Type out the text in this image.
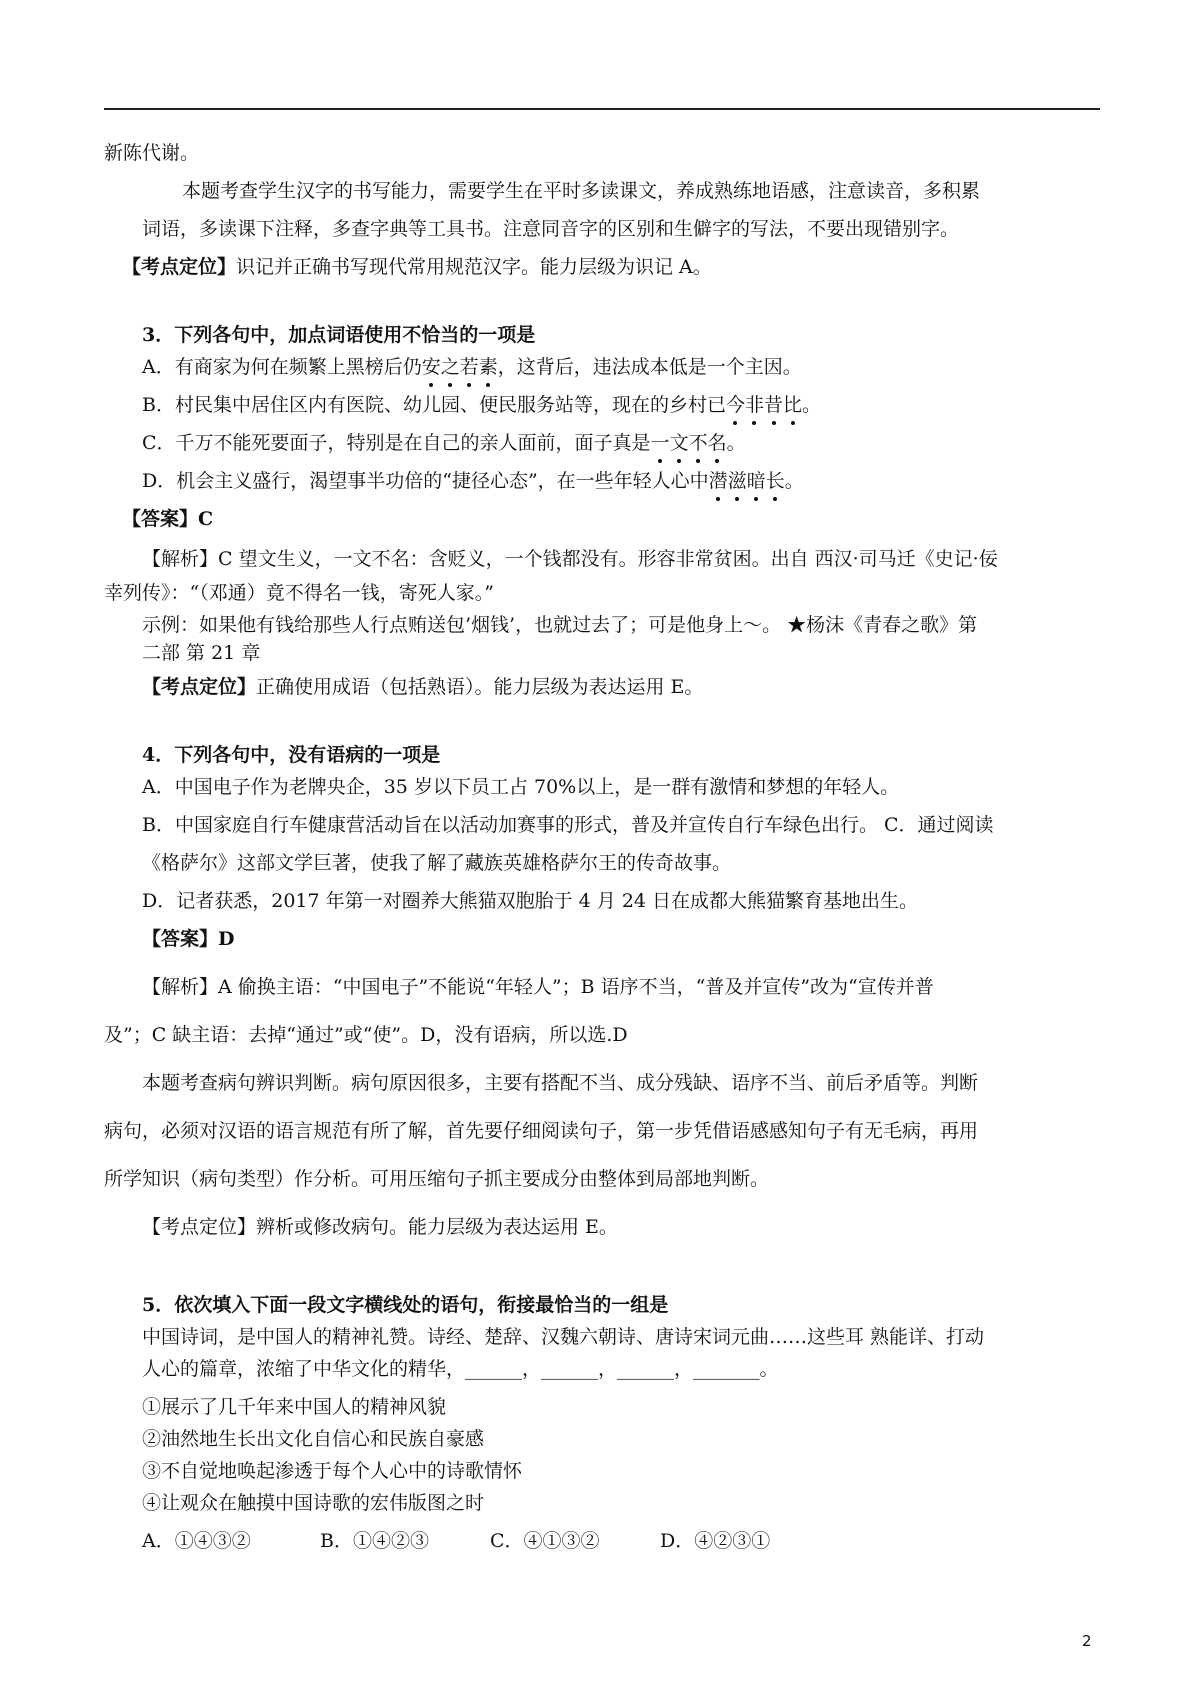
新陈代谢。
本题考查学生汉字的书写能力，需要学生在平时多读课文，养成熟练地语感，注意读音，多积累
词语，多读课下注释，多查字典等工具书。注意同音字的区别和生僻字的写法，不要出现错别字。
【考点定位】识记并正确书写现代常用规范汉字。能力层级为识记 A。
3．下列各句中，加点词语使用不恰当的一项是
A．有商家为何在频繁上黑榜后仍安之若素，这背后，违法成本低是一个主因。
B．村民集中居住区内有医院、幼儿园、便民服务站等，现在的乡村已今非昔比。
C．千万不能死要面子，特别是在自己的亲人面前，面子真是一文不名。
D．机会主义盛行，渴望事半功倍的“捷径心态”，在一些年轻人心中潜滋暗长。
【答案】C
【解析】C 望文生义，一文不名：含贬义，一个钱都没有。形容非常贫困。出自 西汉·司马迁《史记·佞
幸列传》：“（邓通）竟不得名一钱，寄死人家。”
示例：如果他有钱给那些人行点贿送包’烟钱’，也就过去了；可是他身上～。 ★杨沫《青春之歌》第
二部 第 21 章
【考点定位】正确使用成语（包括熟语）。能力层级为表达运用 E。
4．下列各句中，没有语病的一项是
A．中国电子作为老牌央企，35 岁以下员工占 70%以上，是一群有激情和梦想的年轻人。
B．中国家庭自行车健康营活动旨在以活动加赛事的形式，普及并宣传自行车绿色出行。 C．通过阅读
《格萨尔》这部文学巨著，使我了解了藏族英雄格萨尔王的传奇故事。
D．记者获悉，2017 年第一对圈养大熊猫双胞胎于 4 月 24 日在成都大熊猫繁育基地出生。
【答案】D
【解析】A 偷换主语：“中国电子”不能说“年轻人”；B 语序不当，“普及并宣传”改为“宣传并普
及”；C 缺主语：去掉“通过”或“使”。D，没有语病，所以选.D
本题考查病句辨识判断。病句原因很多，主要有搭配不当、成分残缺、语序不当、前后矛盾等。判断
病句，必须对汉语的语言规范有所了解，首先要仔细阅读句子，第一步凭借语感感知句子有无毛病，再用
所学知识（病句类型）作分析。可用压缩句子抓主要成分由整体到局部地判断。
【考点定位】辨析或修改病句。能力层级为表达运用 E。
5．依次填入下面一段文字横线处的语句，衔接最恰当的一组是
中国诗词，是中国人的精神礼赞。诗经、楚辞、汉魏六朝诗、唐诗宋词元曲……这些耳 熟能详、打动
人心的篇章，浓缩了中华文化的精华，______，______，______，_______。
①展示了几千年来中国人的精神风貌
②油然地生长出文化自信心和民族自豪感
③不自觉地唤起渗透于每个人心中的诗歌情怀
④让观众在触摸中国诗歌的宏伟版图之时
A．①④③②	B．①④②③	C．④①③②	D．④②③①
2
